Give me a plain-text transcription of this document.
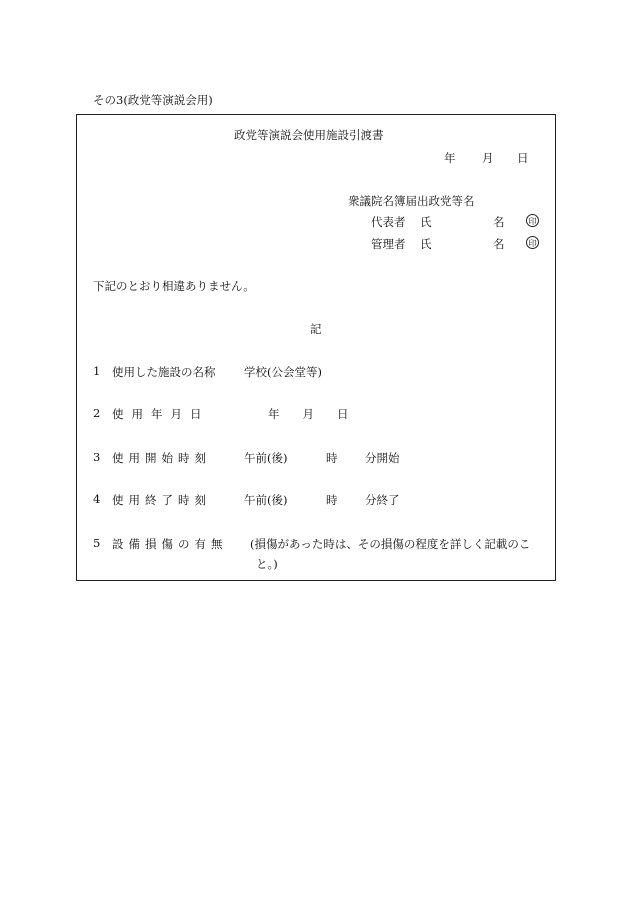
その3(政党等演説会用)
政党等演説会使用施設引渡書
年 月 日
衆議院名簿届出政党等名
代表者 氏	名	印
管理者 氏	名	印
下記のとおり相違ありません。
記
1 使用した施設の名称 学校(公会堂等)
2 使用年月日	年　　月　　日
3 使用開始時刻	午前(後)	時 分開始
4 使用終了時刻	午前(後)	時 分終了
5 設備損傷の有無 (損傷があった時は、その損傷の程度を詳しく記載のこ
と。)
